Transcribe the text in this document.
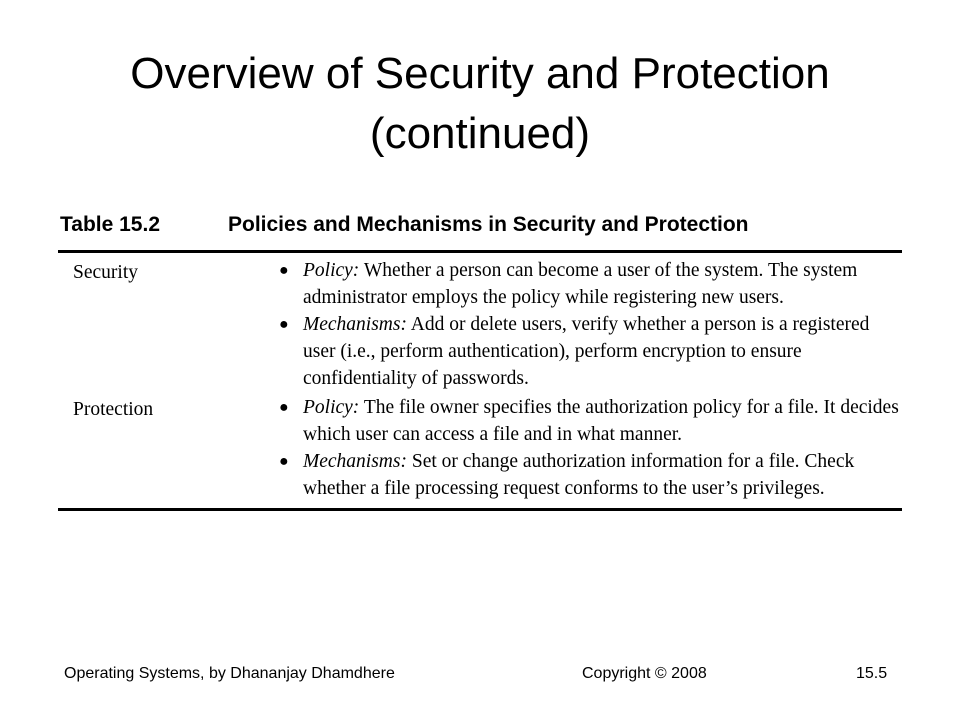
Overview of Security and Protection
(continued)
Table 15.2	Policies and Mechanisms in Security and Protection
Security	● Policy: Whether a person can become a user of the system. The system administrator employs the policy while registering new users.
● Mechanisms: Add or delete users, verify whether a person is a registered user (i.e., perform authentication), perform encryption to ensure confidentiality of passwords.
Protection	● Policy: The file owner specifies the authorization policy for a file. It decides which user can access a file and in what manner.
● Mechanisms: Set or change authorization information for a file. Check whether a file processing request conforms to the user’s privileges.
Operating Systems, by Dhananjay Dhamdhere	Copyright © 2008	15.5
